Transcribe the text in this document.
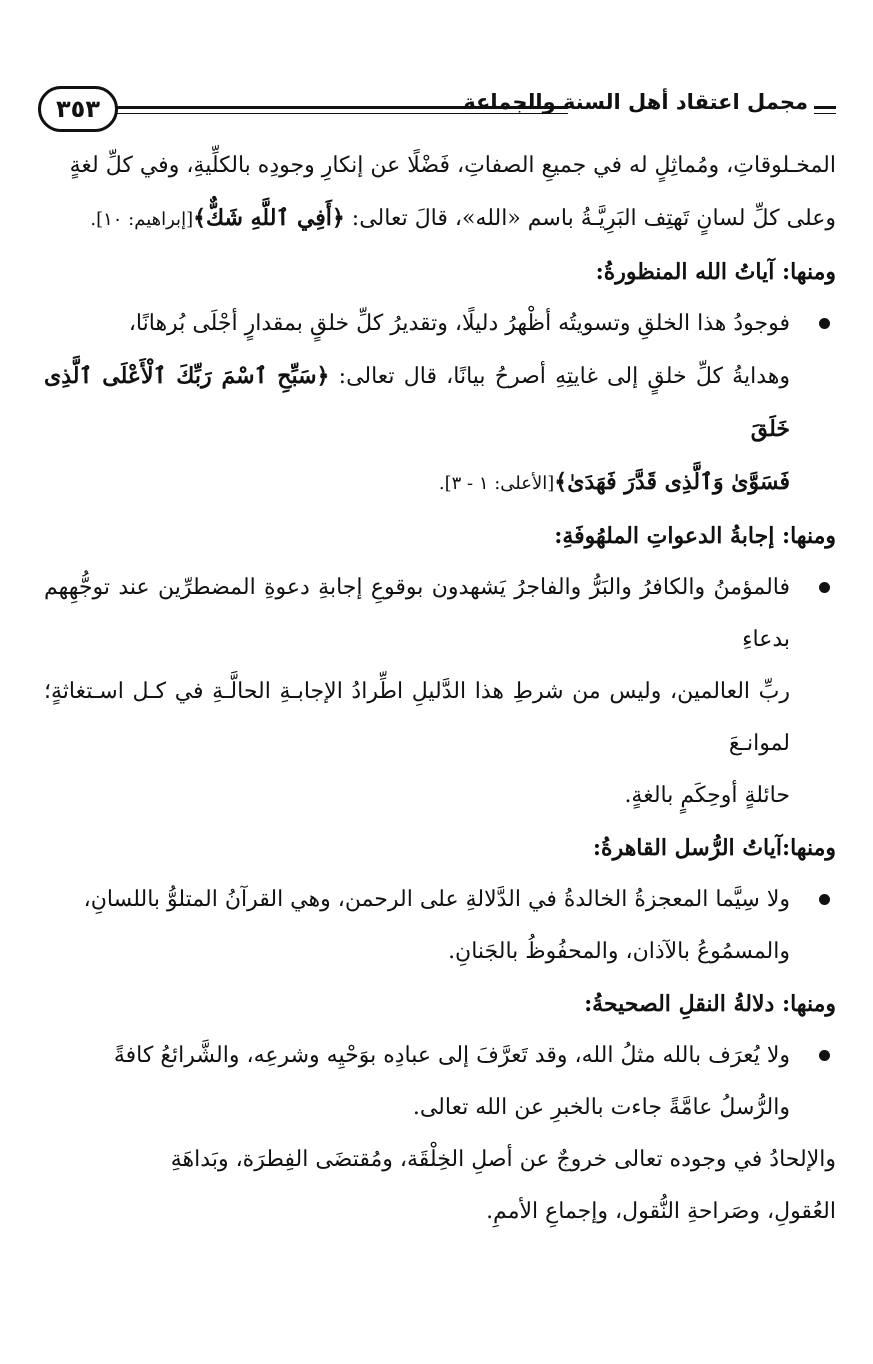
٣٥٣	مجمل اعتقاد أهل السنة والجماعة

المخـلوقاتِ، ومُماثِلٍ له في جميعِ الصفاتِ، فَضْلًا عن إنكارِ وجودِه بالكلِّيةِ، وفي كلِّ لغةٍ

وعلى كلِّ لسانٍ تَهتِف البَرِيَّـةُ باسم «الله»، قالَ تعالى: ﴿أَفِي ٱللَّهِ شَكٌّ﴾[إبراهيم: ١٠].

ومنها: آياتُ الله المنظورةُ:

فوجودُ هذا الخلقِ وتسويتُه أظْهرُ دليلًا، وتقديرُ كلِّ خلقٍ بمقدارٍ أجْلَى بُرهانًا،

وهدايةُ كلِّ خلقٍ إلى غايتِهِ أصرحُ بيانًا، قال تعالى: ﴿سَبِّحِ ٱسْمَ رَبِّكَ ٱلْأَعْلَى ٱلَّذِى خَلَقَ

فَسَوَّىٰ وَٱلَّذِى قَدَّرَ فَهَدَىٰ﴾[الأعلى: ١ - ٣].

ومنها: إجابةُ الدعواتِ الملهُوفَةِ:

فالمؤمنُ والكافرُ والبَرُّ والفاجرُ يَشهدون بوقوعِ إجابةِ دعوةِ المضطرِّين عند توجُّهِهم بدعاءِ

ربِّ العالمين، وليس من شرطِ هذا الدَّليلِ اطِّرادُ الإجابـةِ الحالَّـةِ في كـل اسـتغاثةٍ؛ لموانـعَ

حائلةٍ أوحِكَمٍ بالغةٍ.

ومنها:آياتُ الرُّسل القاهرةُ:

ولا سِيَّما المعجزةُ الخالدةُ في الدَّلالةِ على الرحمن، وهي القرآنُ المتلوُّ باللسانِ،

والمسمُوعُ بالآذان، والمحفُوظُ بالجَنانِ.

ومنها: دلالةُ النقلِ الصحيحةُ:

ولا يُعرَف بالله مثلُ الله، وقد تَعرَّفَ إلى عبادِه بوَحْيِه وشرعِه، والشَّرائعُ كافةً

والرُّسلُ عامَّةً جاءت بالخبرِ عن الله تعالى.

والإلحادُ في وجوده تعالى خروجٌ عن أصلِ الخِلْقَة، ومُقتضَى الفِطرَة، وبَداهَةِ

العُقولِ، وصَراحةِ النُّقول، وإجماعِ الأممِ.
